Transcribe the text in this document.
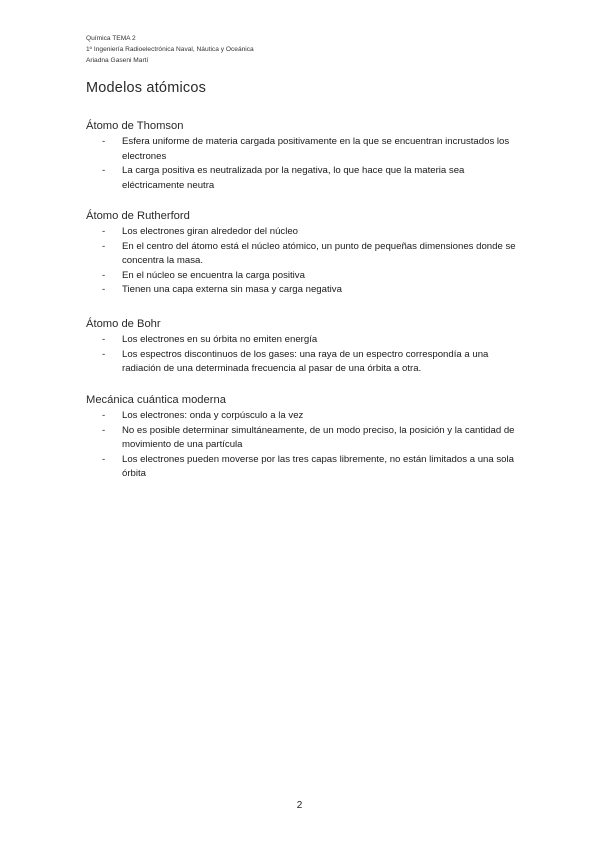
Química TEMA 2
1º Ingeniería Radioelectrónica Naval, Náutica y Oceánica
Ariadna Gaseni Martí
Modelos atómicos
Átomo de Thomson
- Esfera uniforme de materia cargada positivamente en la que se encuentran incrustados los electrones
- La carga positiva es neutralizada por la negativa, lo que hace que la materia sea eléctricamente neutra
Átomo de Rutherford
- Los electrones giran alrededor del núcleo
- En el centro del átomo está el núcleo atómico, un punto de pequeñas dimensiones donde se concentra la masa.
- En el núcleo se encuentra la carga positiva
- Tienen una capa externa sin masa y carga negativa
Átomo de Bohr
- Los electrones en su órbita no emiten energía
- Los espectros discontinuos de los gases: una raya de un espectro correspondía a una radiación de una determinada frecuencia al pasar de una órbita a otra.
Mecánica cuántica moderna
- Los electrones: onda y corpúsculo a la vez
- No es posible determinar simultáneamente, de un modo preciso, la posición y la cantidad de movimiento de una partícula
- Los electrones pueden moverse por las tres capas libremente, no están limitados a una sola órbita
2
